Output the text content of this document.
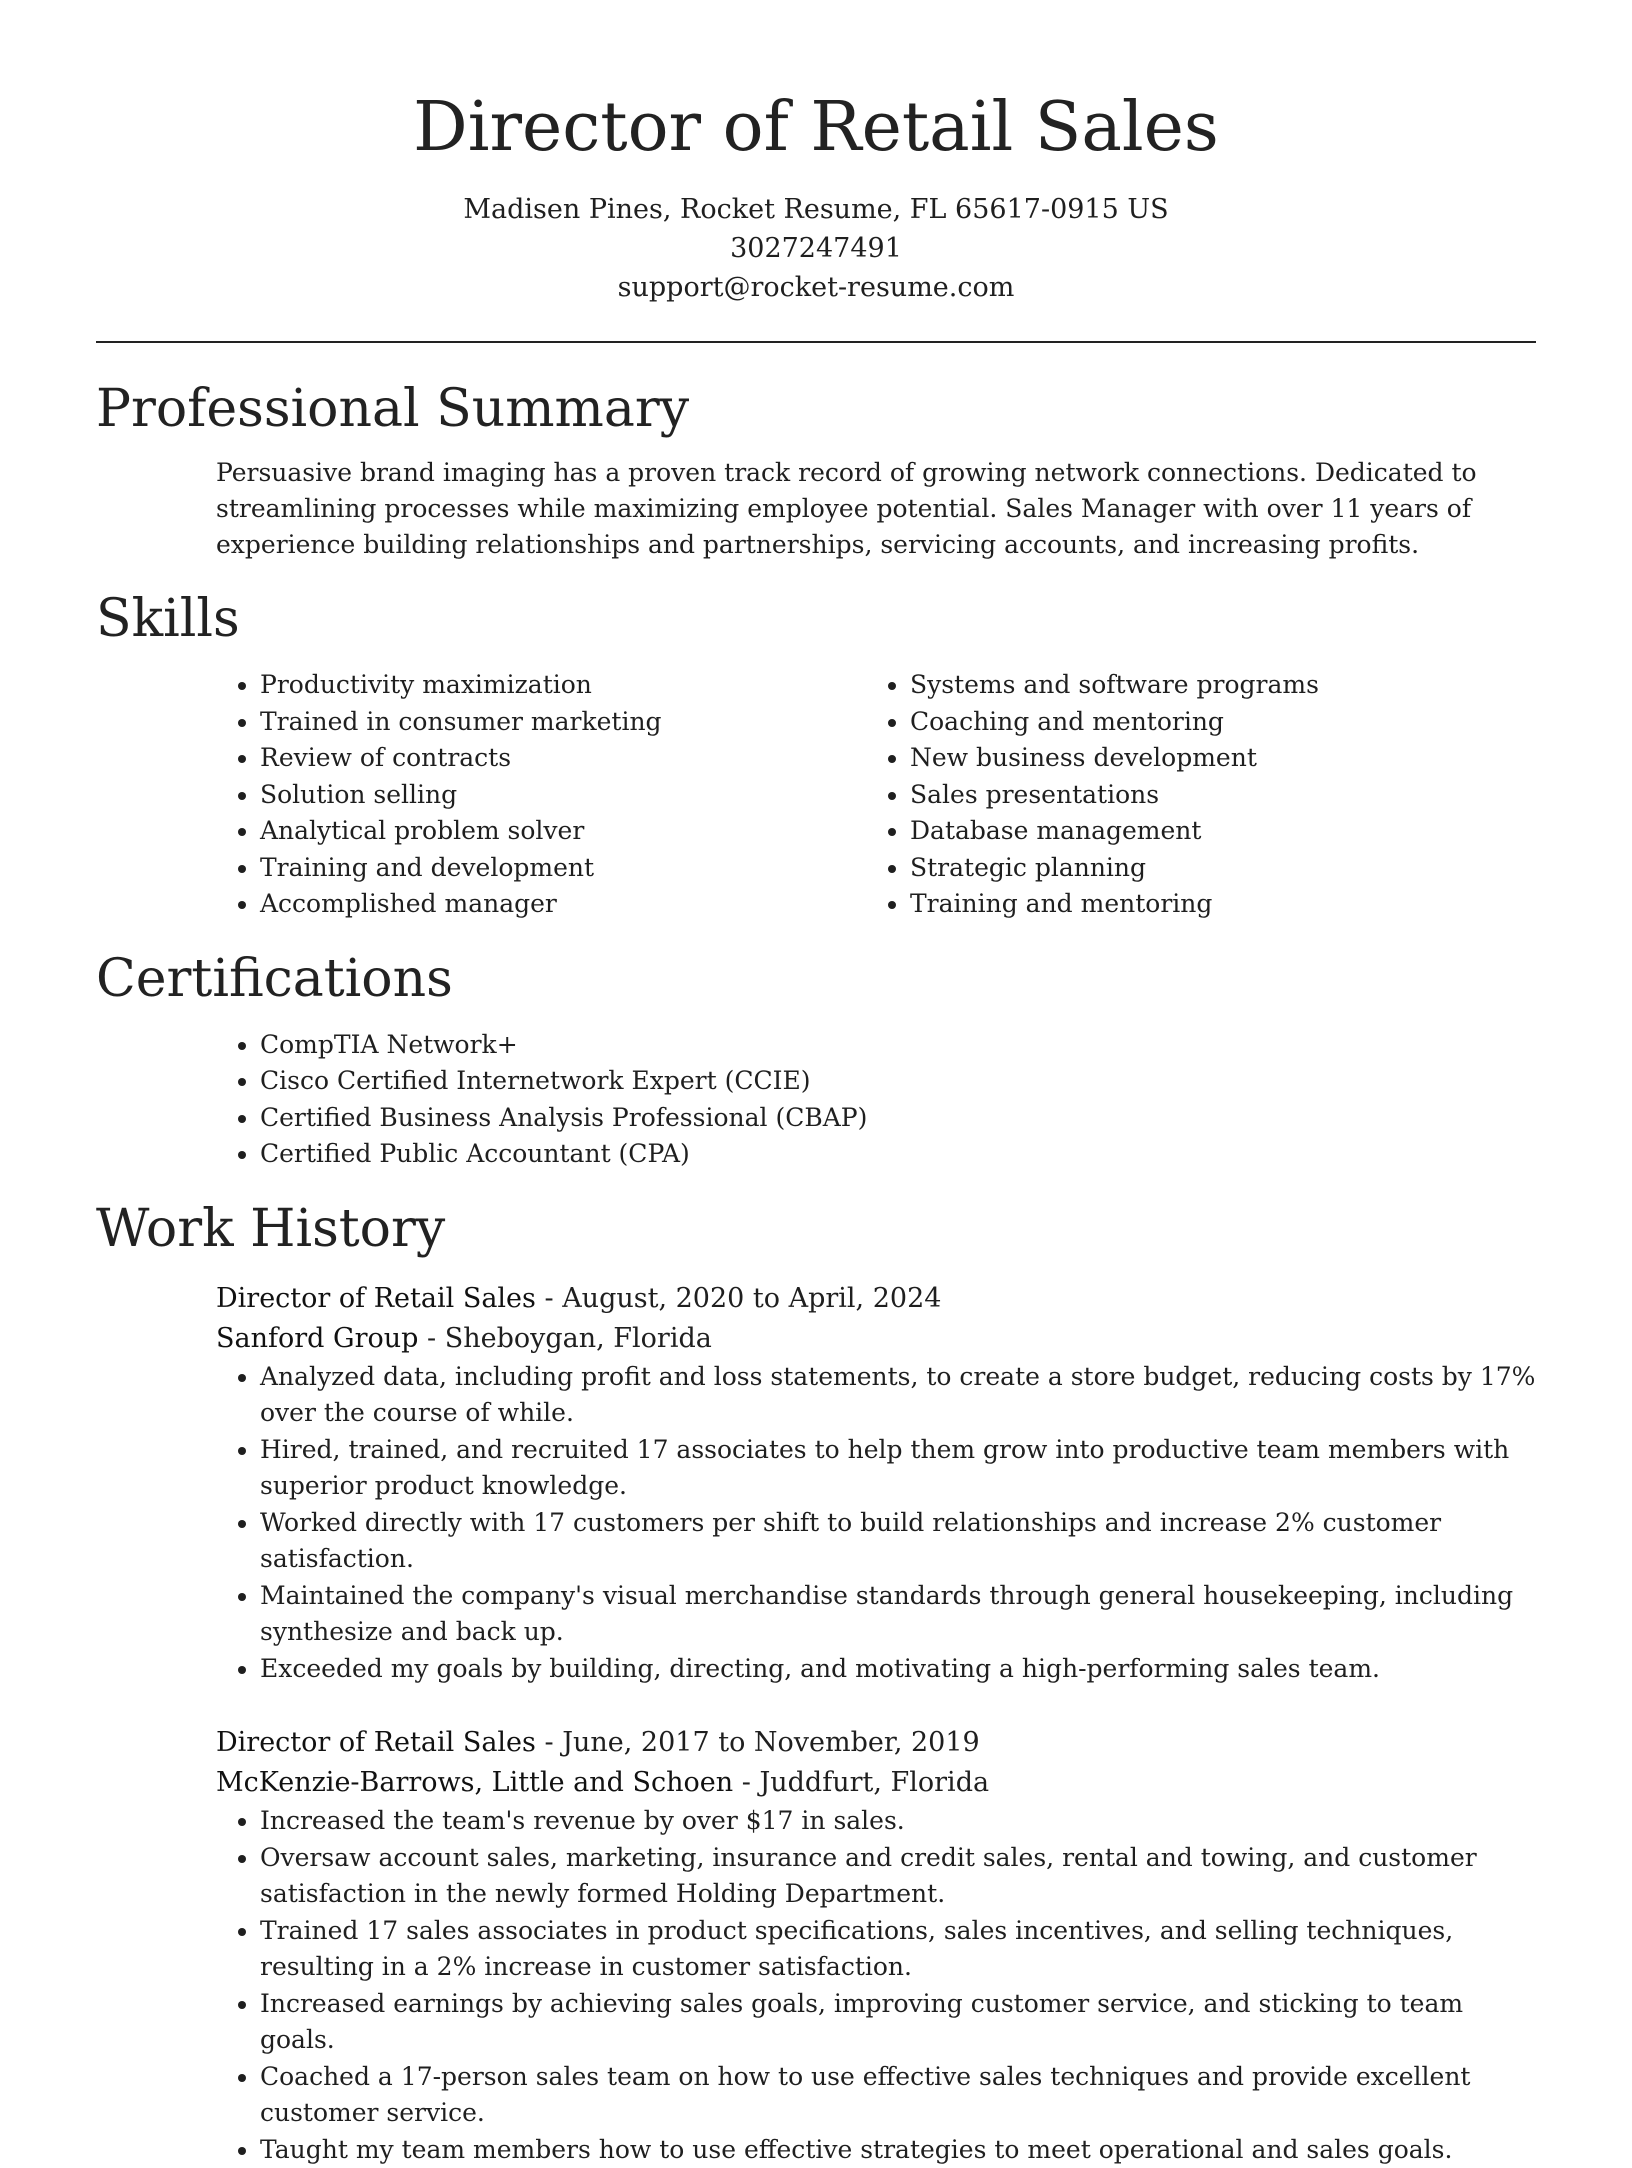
Director of Retail Sales
Madisen Pines, Rocket Resume, FL 65617-0915 US
3027247491
support@rocket-resume.com
Professional Summary

Persuasive brand imaging has a proven track record of growing network connections. Dedicated to streamlining processes while maximizing employee potential. Sales Manager with over 11 years of experience building relationships and partnerships, servicing accounts, and increasing profits.

Skills
• Productivity maximization
• Trained in consumer marketing
• Review of contracts
• Solution selling
• Analytical problem solver
• Training and development
• Accomplished manager
• Systems and software programs
• Coaching and mentoring
• New business development
• Sales presentations
• Database management
• Strategic planning
• Training and mentoring
Certifications
• CompTIA Network+
• Cisco Certified Internetwork Expert (CCIE)
• Certified Business Analysis Professional (CBAP)
• Certified Public Accountant (CPA)
Work History
Director of Retail Sales - August, 2020 to April, 2024
Sanford Group - Sheboygan, Florida
• Analyzed data, including profit and loss statements, to create a store budget, reducing costs by 17% over the course of while.
• Hired, trained, and recruited 17 associates to help them grow into productive team members with superior product knowledge.
• Worked directly with 17 customers per shift to build relationships and increase 2% customer satisfaction.
• Maintained the company's visual merchandise standards through general housekeeping, including synthesize and back up.
• Exceeded my goals by building, directing, and motivating a high-performing sales team.
Director of Retail Sales - June, 2017 to November, 2019
McKenzie-Barrows, Little and Schoen - Juddfurt, Florida
• Increased the team's revenue by over $17 in sales.
• Oversaw account sales, marketing, insurance and credit sales, rental and towing, and customer satisfaction in the newly formed Holding Department.
• Trained 17 sales associates in product specifications, sales incentives, and selling techniques, resulting in a 2% increase in customer satisfaction.
• Increased earnings by achieving sales goals, improving customer service, and sticking to team goals.
• Coached a 17-person sales team on how to use effective sales techniques and provide excellent customer service.
• Taught my team members how to use effective strategies to meet operational and sales goals.
